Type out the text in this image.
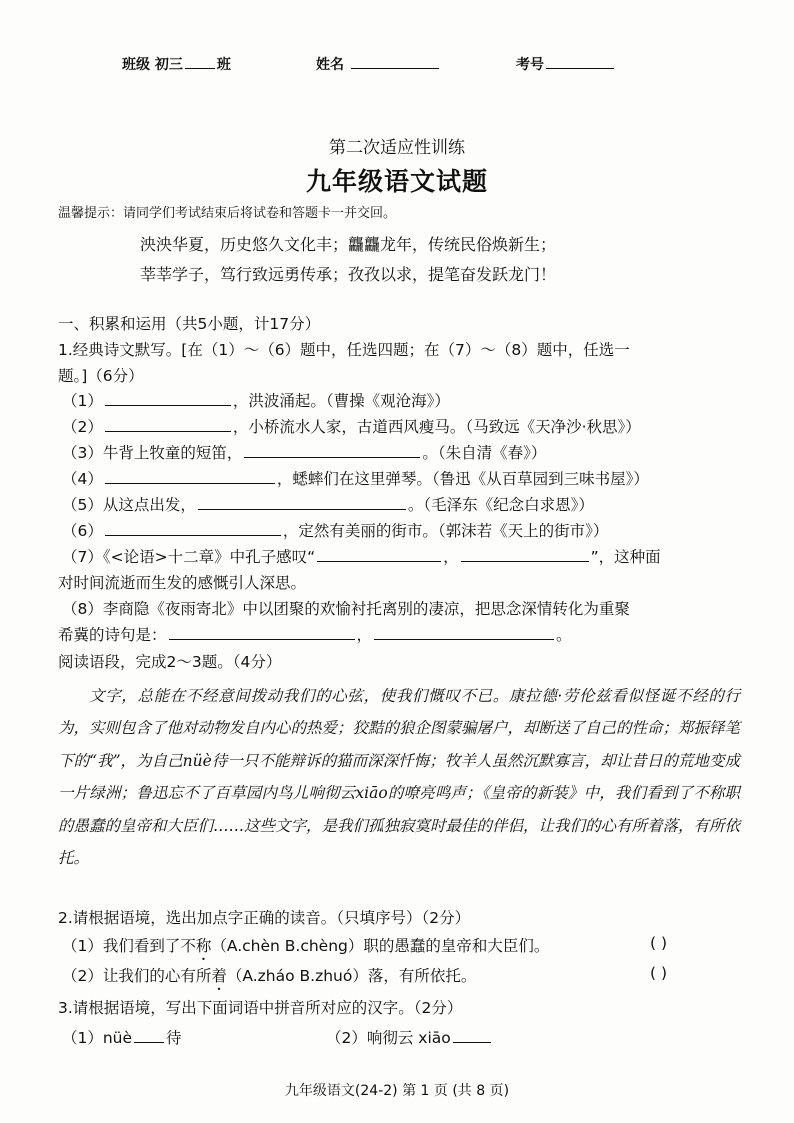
班级 初三 班	姓名	考号
第二次适应性训练
九年级语文试题
温馨提示：请同学们考试结束后将试卷和答题卡一并交回。
泱泱华夏，历史悠久文化丰；龘龘龙年，传统民俗焕新生；
莘莘学子，笃行致远勇传承；孜孜以求，提笔奋发跃龙门！
一、积累和运用（共5小题，计17分）
1.经典诗文默写。[在（1）～（6）题中，任选四题；在（7）～（8）题中，任选一
题。]（6分）
（1）	，洪波涌起。（曹操《观沧海》）
（2）	，小桥流水人家，古道西风瘦马。（马致远《天净沙·秋思》）
（3）牛背上牧童的短笛，	。（朱自清《春》）
（4）	，蟋蟀们在这里弹琴。（鲁迅《从百草园到三味书屋》）
（5）从这点出发，	。（毛泽东《纪念白求恩》）
（6）	，定然有美丽的街市。（郭沫若《天上的街市》）
（7）《<论语>十二章》中孔子感叹“	，	”，这种面
对时间流逝而生发的感慨引人深思。
（8）李商隐《夜雨寄北》中以团聚的欢愉衬托离别的凄凉，把思念深情转化为重聚
希冀的诗句是：	，	。
阅读语段，完成2～3题。（4分）

文字，总能在不经意间拨动我们的心弦，使我们慨叹不已。康拉德·劳伦兹看似怪诞不经的行为，实则包含了他对动物发自内心的热爱；狡黠的狼企图蒙骗屠户，却断送了自己的性命；郑振铎笔下的“我”，为自己nüè待一只不能辩诉的猫而深深忏悔；牧羊人虽然沉默寡言，却让昔日的荒地变成一片绿洲；鲁迅忘不了百草园内鸟儿响彻云xiāo的嘹亮鸣声；《皇帝的新装》中，我们看到了不称职的愚蠢的皇帝和大臣们……这些文字，是我们孤独寂寞时最佳的伴侣，让我们的心有所着落，有所依托。

2.请根据语境，选出加点字正确的读音。（只填序号）（2分）
（1）我们看到了不称（A.chèn B.chèng）职的愚蠢的皇帝和大臣们。	( )
（2）让我们的心有所着（A.zháo B.zhuó）落，有所依托。	( )
3.请根据语境，写出下面词语中拼音所对应的汉字。（2分）
（1）nüè 待	（2）响彻云 xiāo
九年级语文(24-2) 第 1 页 (共 8 页)
